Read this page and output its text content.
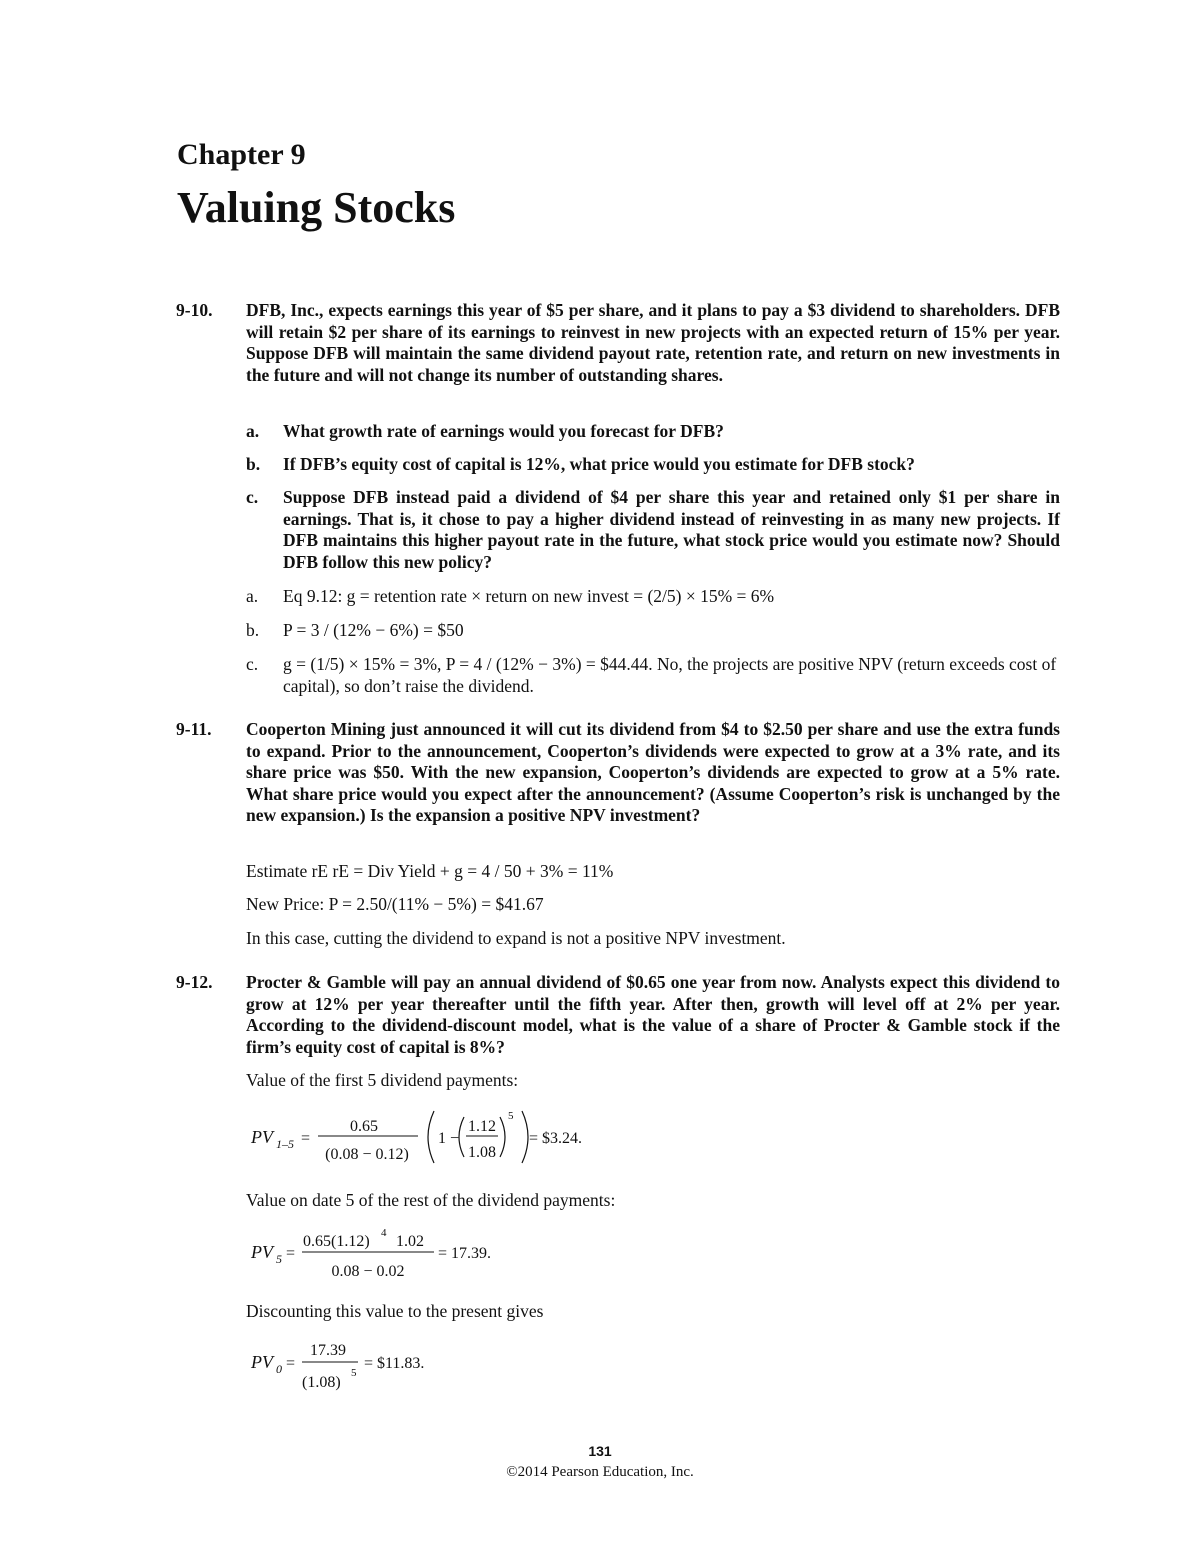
Chapter 9
Valuing Stocks
9-10. DFB, Inc., expects earnings this year of $5 per share, and it plans to pay a $3 dividend to shareholders. DFB will retain $2 per share of its earnings to reinvest in new projects with an expected return of 15% per year. Suppose DFB will maintain the same dividend payout rate, retention rate, and return on new investments in the future and will not change its number of outstanding shares.

a. What growth rate of earnings would you forecast for DFB?

b. If DFB’s equity cost of capital is 12%, what price would you estimate for DFB stock?

c. Suppose DFB instead paid a dividend of $4 per share this year and retained only $1 per share in earnings. That is, it chose to pay a higher dividend instead of reinvesting in as many new projects. If DFB maintains this higher payout rate in the future, what stock price would you estimate now? Should DFB follow this new policy?

a. Eq 9.12: g = retention rate × return on new invest = (2/5) × 15% = 6%

b. P = 3 / (12% − 6%) = $50

c. g = (1/5) × 15% = 3%, P = 4 / (12% − 3%) = $44.44. No, the projects are positive NPV (return exceeds cost of capital), so don’t raise the dividend.

9-11. Cooperton Mining just announced it will cut its dividend from $4 to $2.50 per share and use the extra funds to expand. Prior to the announcement, Cooperton’s dividends were expected to grow at a 3% rate, and its share price was $50. With the new expansion, Cooperton’s dividends are expected to grow at a 5% rate. What share price would you expect after the announcement? (Assume Cooperton’s risk is unchanged by the new expansion.) Is the expansion a positive NPV investment?

Estimate rE rE = Div Yield + g = 4 / 50 + 3% = 11%
New Price: P = 2.50/(11% − 5%) = $41.67
In this case, cutting the dividend to expand is not a positive NPV investment.
9-12. Procter & Gamble will pay an annual dividend of $0.65 one year from now. Analysts expect this dividend to grow at 12% per year thereafter until the fifth year. After then, growth will level off at 2% per year. According to the dividend-discount model, what is the value of a share of Procter & Gamble stock if the firm’s equity cost of capital is 8%?

Value of the first 5 dividend payments:
PV 1–5 =
0.65
(0.08 − 0.12)
1 −
1.12
1.08
5
= $3.24.
Value on date 5 of the rest of the dividend payments:
PV 5 =
0.65(1.12) 4 1.02
0.08 − 0.02
= 17.39.
Discounting this value to the present gives
PV 0 =
17.39
(1.08)
5
= $11.83.
131
©2014 Pearson Education, Inc.
